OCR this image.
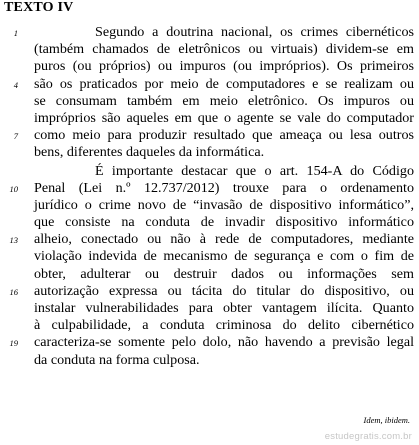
TEXTO IV
1	Segundo a doutrina nacional, os crimes cibernéticos
(também chamados de eletrônicos ou virtuais) dividem-se em
puros (ou próprios) ou impuros (ou impróprios). Os primeiros
4 são os praticados por meio de computadores e se realizam ou
se consumam também em meio eletrônico. Os impuros ou
impróprios são aqueles em que o agente se vale do computador
7 como meio para produzir resultado que ameaça ou lesa outros
bens, diferentes daqueles da informática.
É importante destacar que o art. 154-A do Código
10 Penal (Lei n.º 12.737/2012) trouxe para o ordenamento
jurídico o crime novo de “invasão de dispositivo informático”,
que consiste na conduta de invadir dispositivo informático
13 alheio, conectado ou não à rede de computadores, mediante
violação indevida de mecanismo de segurança e com o fim de
obter, adulterar ou destruir dados ou informações sem
16 autorização expressa ou tácita do titular do dispositivo, ou
instalar vulnerabilidades para obter vantagem ilícita. Quanto
à culpabilidade, a conduta criminosa do delito cibernético
19 caracteriza-se somente pelo dolo, não havendo a previsão legal
da conduta na forma culposa.
Idem, ibidem.
estudegratis.com.br
